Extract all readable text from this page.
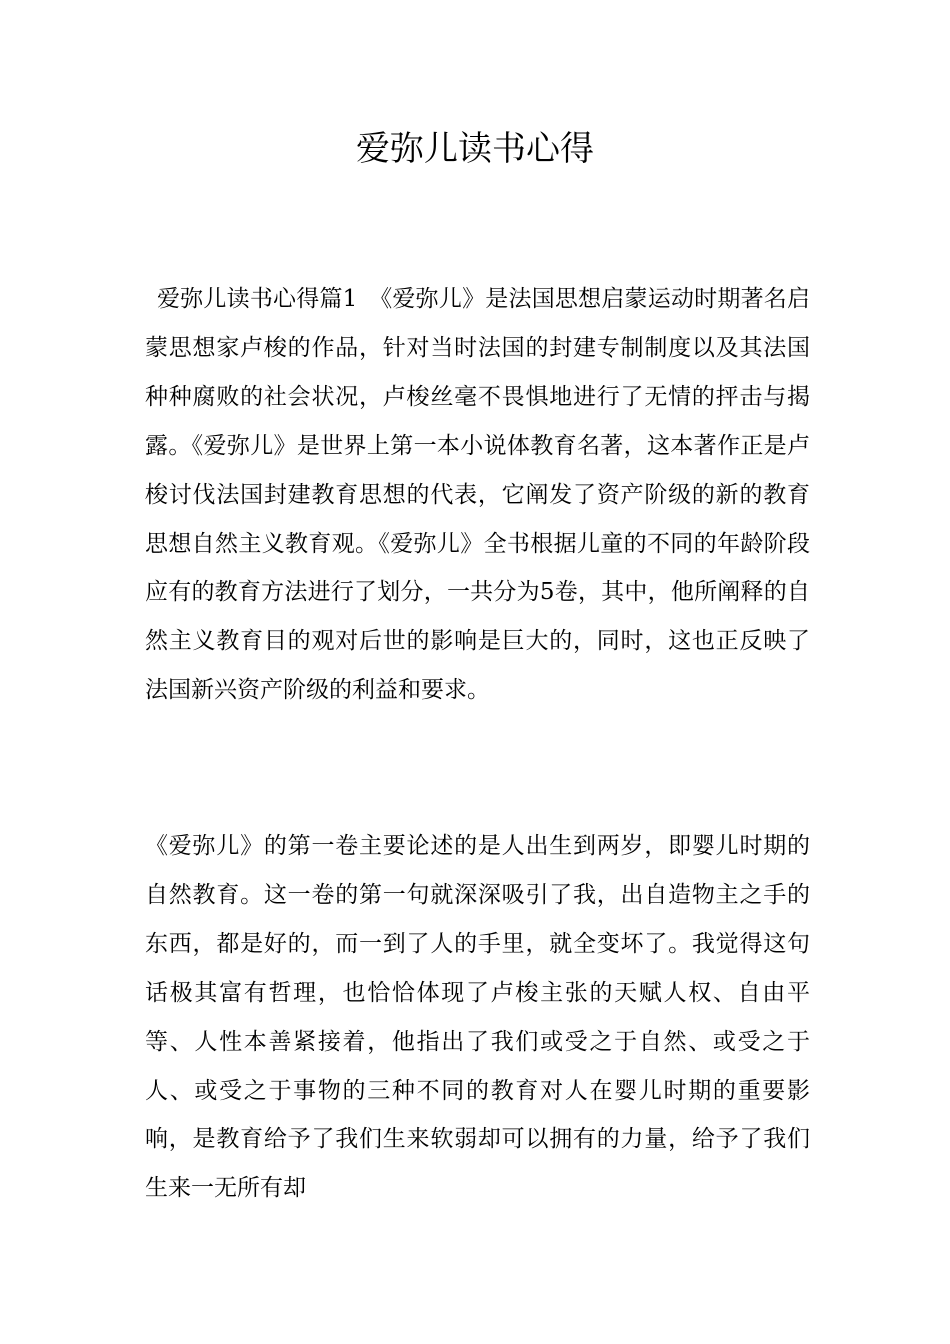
爱弥儿读书心得

爱弥儿读书心得篇1　《爱弥儿》是法国思想启蒙运动时期著名启蒙思想家卢梭的作品，针对当时法国的封建专制制度以及其法国种种腐败的社会状况，卢梭丝毫不畏惧地进行了无情的抨击与揭露。《爱弥儿》是世界上第一本小说体教育名著，这本著作正是卢梭讨伐法国封建教育思想的代表，它阐发了资产阶级的新的教育思想自然主义教育观。《爱弥儿》全书根据儿童的不同的年龄阶段应有的教育方法进行了划分，一共分为5卷，其中，他所阐释的自然主义教育目的观对后世的影响是巨大的，同时，这也正反映了法国新兴资产阶级的利益和要求。

《爱弥儿》的第一卷主要论述的是人出生到两岁，即婴儿时期的自然教育。这一卷的第一句就深深吸引了我，出自造物主之手的东西，都是好的，而一到了人的手里，就全变坏了。我觉得这句话极其富有哲理，也恰恰体现了卢梭主张的天赋人权、自由平等、人性本善紧接着，他指出了我们或受之于自然、或受之于人、或受之于事物的三种不同的教育对人在婴儿时期的重要影响，是教育给予了我们生来软弱却可以拥有的力量，给予了我们生来一无所有却
